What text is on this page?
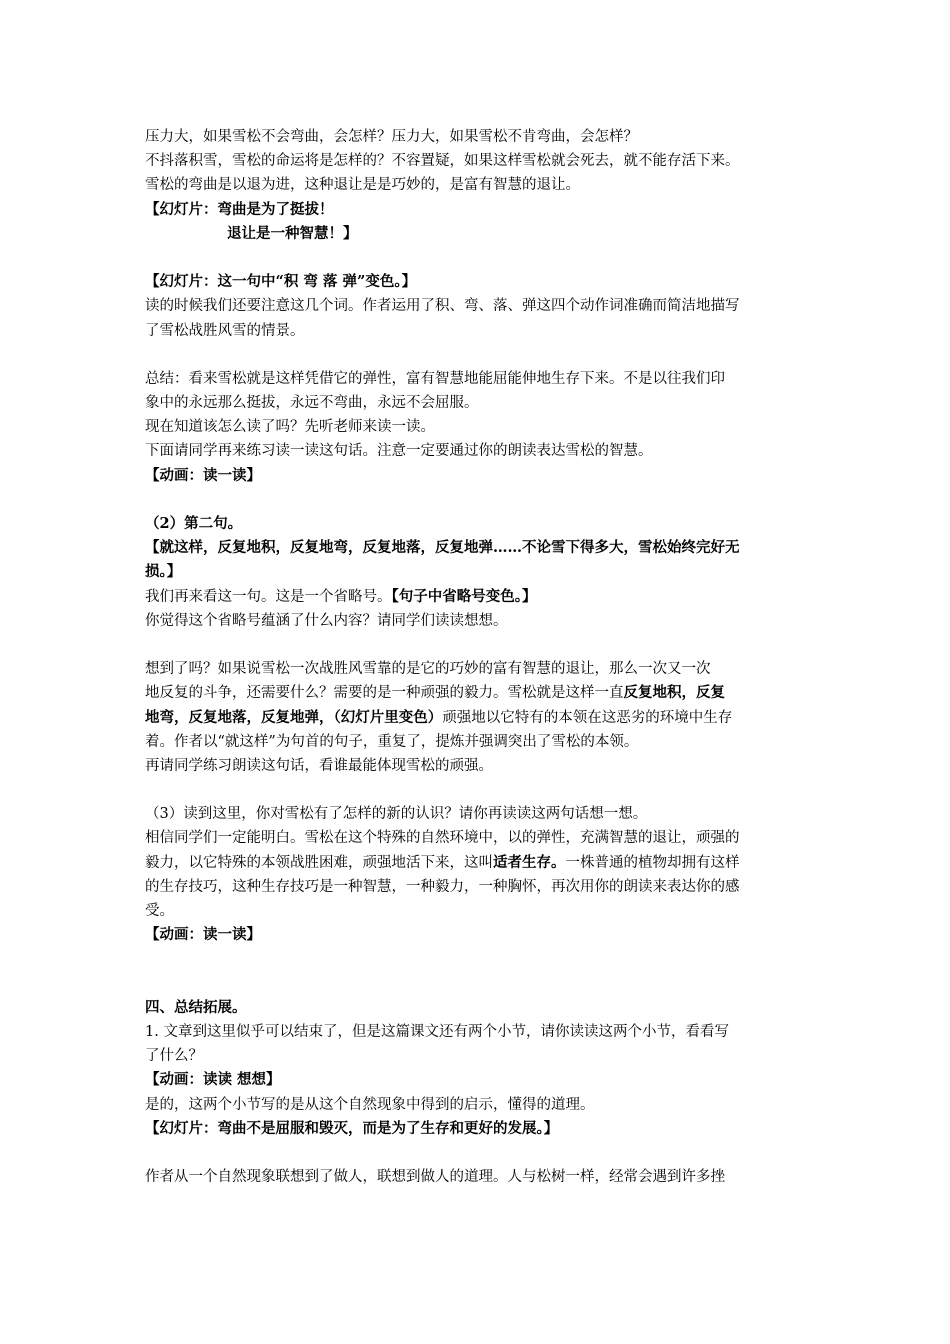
压力大，如果雪松不会弯曲，会怎样？压力大，如果雪松不肯弯曲，会怎样？
不抖落积雪，雪松的命运将是怎样的？不容置疑，如果这样雪松就会死去，就不能存活下来。
雪松的弯曲是以退为进，这种退让是是巧妙的，是富有智慧的退让。
【幻灯片：弯曲是为了挺拔！
退让是一种智慧！】
【幻灯片：这一句中“积 弯 落 弹”变色。】
读的时候我们还要注意这几个词。作者运用了积、弯、落、弹这四个动作词准确而简洁地描写
了雪松战胜风雪的情景。
总结：看来雪松就是这样凭借它的弹性，富有智慧地能屈能伸地生存下来。不是以往我们印
象中的永远那么挺拔，永远不弯曲，永远不会屈服。
现在知道该怎么读了吗？先听老师来读一读。
下面请同学再来练习读一读这句话。注意一定要通过你的朗读表达雪松的智慧。
【动画：读一读】
（2）第二句。
【就这样，反复地积，反复地弯，反复地落，反复地弹……不论雪下得多大，雪松始终完好无
损。】
我们再来看这一句。这是一个省略号。【句子中省略号变色。】
你觉得这个省略号蕴涵了什么内容？请同学们读读想想。
想到了吗？如果说雪松一次战胜风雪靠的是它的巧妙的富有智慧的退让，那么一次又一次
地反复的斗争，还需要什么？需要的是一种顽强的毅力。雪松就是这样一直反复地积，反复
地弯，反复地落，反复地弹，（幻灯片里变色）顽强地以它特有的本领在这恶劣的环境中生存
着。作者以“就这样”为句首的句子，重复了，提炼并强调突出了雪松的本领。
再请同学练习朗读这句话，看谁最能体现雪松的顽强。
（3）读到这里，你对雪松有了怎样的新的认识？请你再读读这两句话想一想。
相信同学们一定能明白。雪松在这个特殊的自然环境中，以的弹性，充满智慧的退让，顽强的
毅力，以它特殊的本领战胜困难，顽强地活下来，这叫适者生存。一株普通的植物却拥有这样
的生存技巧，这种生存技巧是一种智慧，一种毅力，一种胸怀，再次用你的朗读来表达你的感
受。
【动画：读一读】
四、总结拓展。
1. 文章到这里似乎可以结束了，但是这篇课文还有两个小节，请你读读这两个小节，看看写
了什么？
【动画：读读 想想】
是的，这两个小节写的是从这个自然现象中得到的启示，懂得的道理。
【幻灯片：弯曲不是屈服和毁灭，而是为了生存和更好的发展。】
作者从一个自然现象联想到了做人，联想到做人的道理。人与松树一样，经常会遇到许多挫
